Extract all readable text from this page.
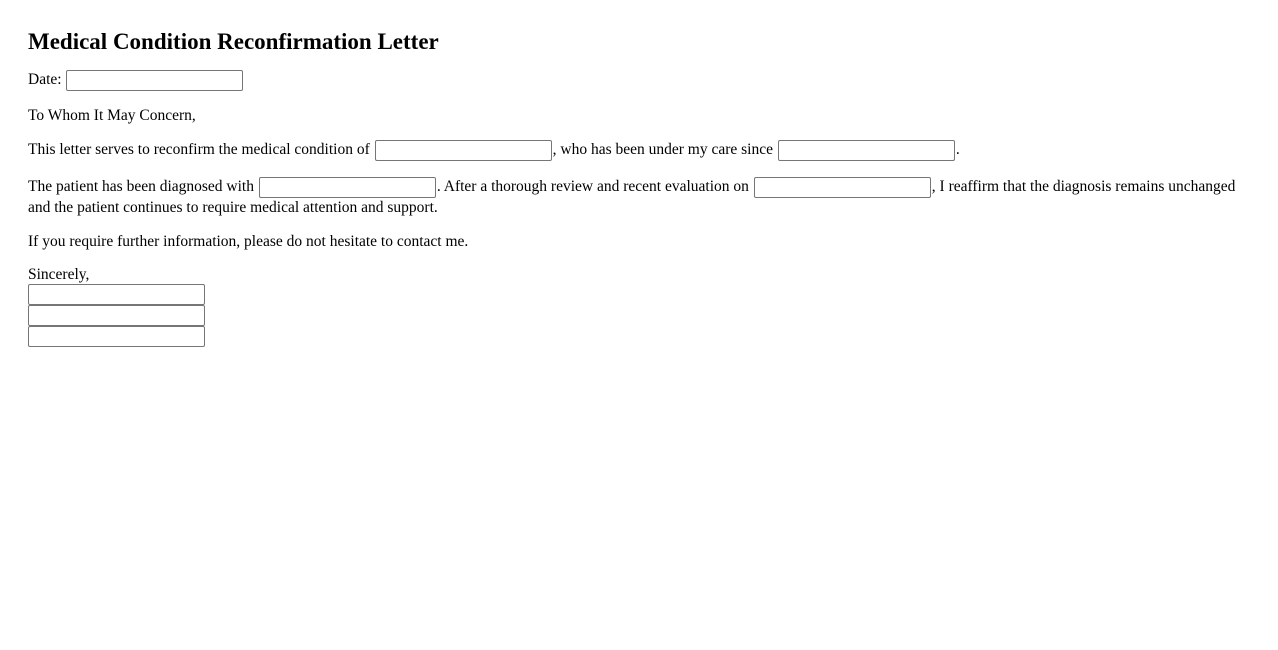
Medical Condition Reconfirmation Letter

Date:

To Whom It May Concern,

This letter serves to reconfirm the medical condition of	, who has been under my care since	.

The patient has been diagnosed with	. After a thorough review and recent evaluation on	, I reaffirm that the diagnosis remains unchanged and the patient continues to require medical attention and support.

If you require further information, please do not hesitate to contact me.

Sincerely,
